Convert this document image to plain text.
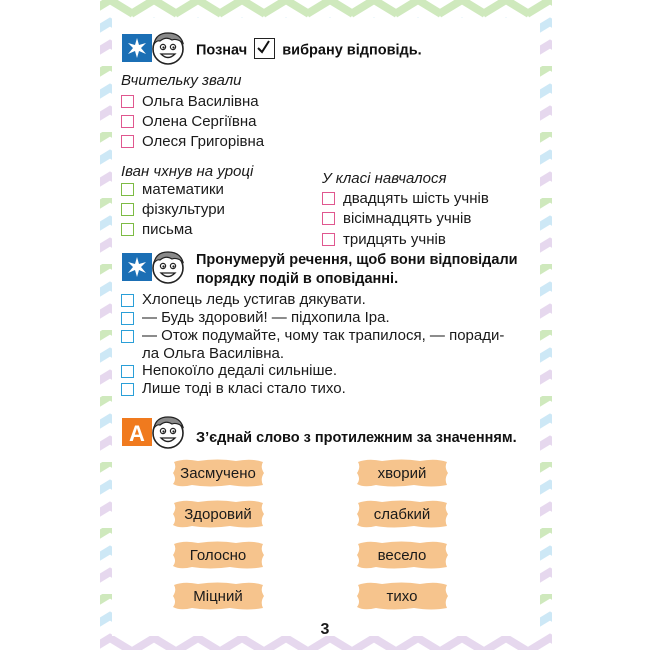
Познач вибрану відповідь.
Вчительку звали
Ольга Василівна
Олена Сергіївна
Олеся Григорівна
Іван чхнув на уроці
математики
фізкультури
письма
У класі навчалося
двадцять шість учнів
вісімнадцять учнів
тридцять учнів
Пронумеруй речення, щоб вони відповідали
порядку подій в оповіданні.
Хлопець ледь устигав дякувати.
— Будь здоровий! — підхопила Іра.
— Отож подумайте, чому так трапилося, — поради-
ла Ольга Василівна.
Непокоїло дедалі сильніше.
Лише тоді в класі стало тихо.
А	З’єднай слово з протилежним за значенням.
Засмучено
Здоровий
Голосно
Міцний
хворий
слабкий
весело
тихо
3
